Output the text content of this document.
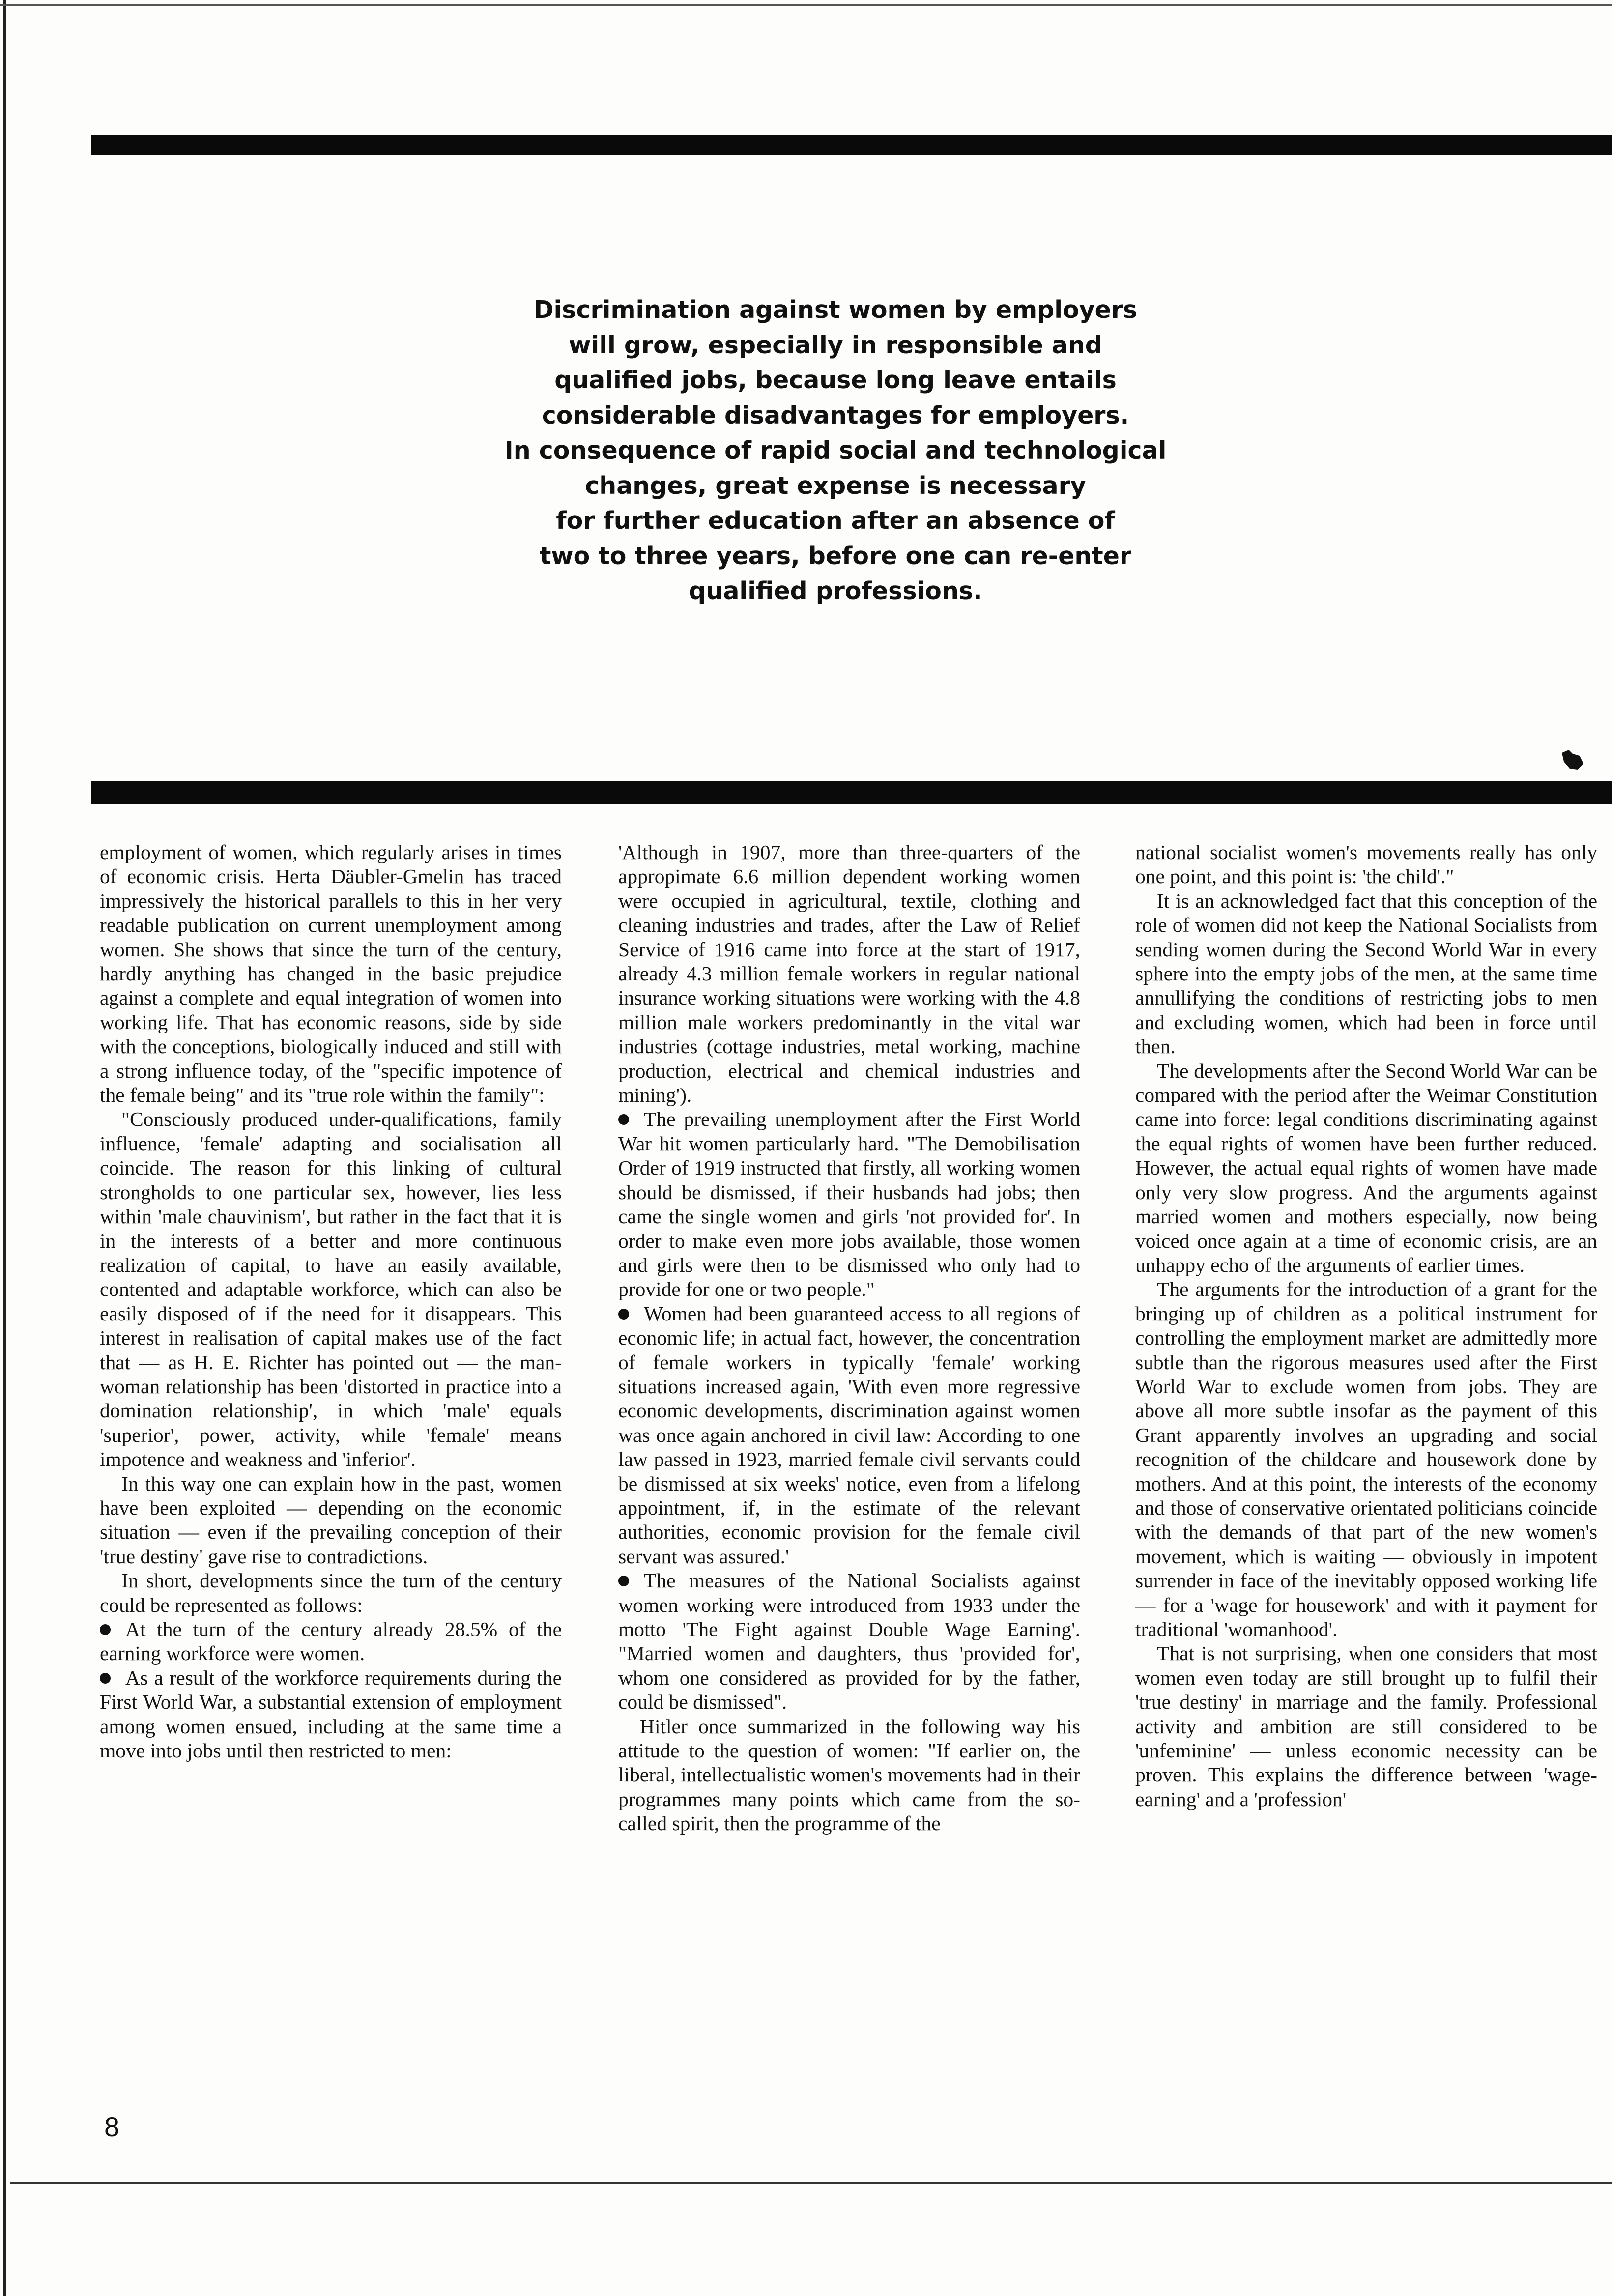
Discrimination against women by employers
will grow, especially in responsible and
qualified jobs, because long leave entails
considerable disadvantages for employers.
In consequence of rapid social and technological
changes, great expense is necessary
for further education after an absence of
two to three years, before one can re-enter
qualified professions.

employment of women, which regularly arises in times of economic crisis. Herta Däubler-Gmelin has traced impressively the historical parallels to this in her very readable publication on current unemployment among women. She shows that since the turn of the century, hardly anything has changed in the basic prejudice against a complete and equal integration of women into working life. That has economic reasons, side by side with the conceptions, biologically induced and still with a strong influence today, of the "specific impotence of the female being" and its "true role within the family":

"Consciously produced under-qualifications, family influence, 'female' adapting and socialisation all coincide. The reason for this linking of cultural strongholds to one particular sex, however, lies less within 'male chauvinism', but rather in the fact that it is in the interests of a better and more continuous realization of capital, to have an easily available, contented and adaptable workforce, which can also be easily disposed of if the need for it disappears. This interest in realisation of capital makes use of the fact that — as H. E. Richter has pointed out — the man-woman relationship has been 'distorted in practice into a domination relationship', in which 'male' equals 'superior', power, activity, while 'female' means impotence and weakness and 'inferior'.

In this way one can explain how in the past, women have been exploited — depending on the economic situation — even if the prevailing conception of their 'true destiny' gave rise to contradictions.

In short, developments since the turn of the century could be represented as follows:

At the turn of the century already 28.5% of the earning workforce were women.

As a result of the workforce requirements during the First World War, a substantial extension of employment among women ensued, including at the same time a move into jobs until then restricted to men:

'Although in 1907, more than three-quarters of the appropimate 6.6 million dependent working women were occupied in agricultural, textile, clothing and cleaning industries and trades, after the Law of Relief Service of 1916 came into force at the start of 1917, already 4.3 million female workers in regular national insurance working situations were working with the 4.8 million male workers predominantly in the vital war industries (cottage industries, metal working, machine production, electrical and chemical industries and mining').

The prevailing unemployment after the First World War hit women particularly hard. "The Demobilisation Order of 1919 instructed that firstly, all working women should be dismissed, if their husbands had jobs; then came the single women and girls 'not provided for'. In order to make even more jobs available, those women and girls were then to be dismissed who only had to provide for one or two people."

Women had been guaranteed access to all regions of economic life; in actual fact, however, the concentration of female workers in typically 'female' working situations increased again, 'With even more regressive economic developments, discrimination against women was once again anchored in civil law: According to one law passed in 1923, married female civil servants could be dismissed at six weeks' notice, even from a lifelong appointment, if, in the estimate of the relevant authorities, economic provision for the female civil servant was assured.'

The measures of the National Socialists against women working were introduced from 1933 under the motto 'The Fight against Double Wage Earning'. "Married women and daughters, thus 'provided for', whom one considered as provided for by the father, could be dismissed".

Hitler once summarized in the following way his attitude to the question of women: "If earlier on, the liberal, intellectualistic women's movements had in their programmes many points which came from the so-called spirit, then the programme of the

national socialist women's movements really has only one point, and this point is: 'the child'."

It is an acknowledged fact that this conception of the role of women did not keep the National Socialists from sending women during the Second World War in every sphere into the empty jobs of the men, at the same time annullifying the conditions of restricting jobs to men and excluding women, which had been in force until then.

The developments after the Second World War can be compared with the period after the Weimar Constitution came into force: legal conditions discriminating against the equal rights of women have been further reduced. However, the actual equal rights of women have made only very slow progress. And the arguments against married women and mothers especially, now being voiced once again at a time of economic crisis, are an unhappy echo of the arguments of earlier times.

The arguments for the introduction of a grant for the bringing up of children as a political instrument for controlling the employment market are admittedly more subtle than the rigorous measures used after the First World War to exclude women from jobs. They are above all more subtle insofar as the payment of this Grant apparently involves an upgrading and social recognition of the childcare and housework done by mothers. And at this point, the interests of the economy and those of conservative orientated politicians coincide with the demands of that part of the new women's movement, which is waiting — obviously in impotent surrender in face of the inevitably opposed working life — for a 'wage for housework' and with it payment for traditional 'womanhood'.

That is not surprising, when one considers that most women even today are still brought up to fulfil their 'true destiny' in marriage and the family. Professional activity and ambition are still considered to be 'unfeminine' — unless economic necessity can be proven. This explains the difference between 'wage-earning' and a 'profession'

8
